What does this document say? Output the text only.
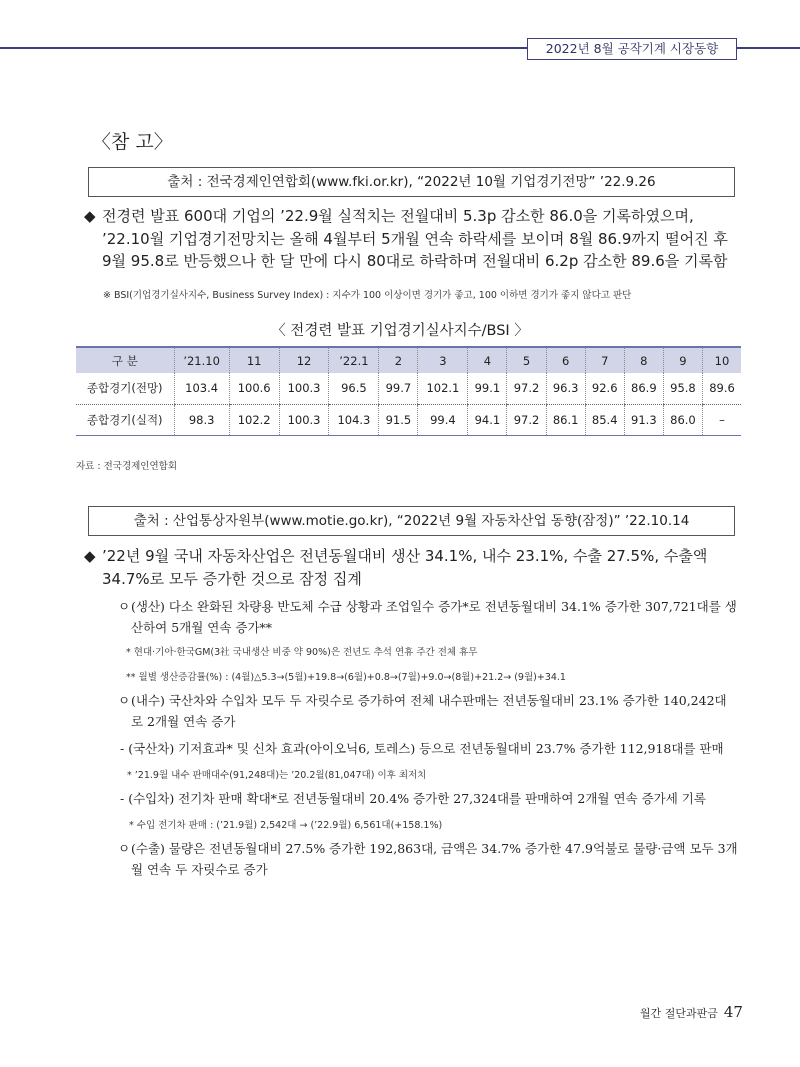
2022년 8월 공작기계 시장동향
〈참 고〉
출처 : 전국경제인연합회(www.fki.or.kr), “2022년 10월 기업경기전망” ’22.9.26
◆ 전경련 발표 600대 기업의 ’22.9월 실적치는 전월대비 5.3p 감소한 86.0을 기록하였으며, ’22.10월 기업경기전망치는 올해 4월부터 5개월 연속 하락세를 보이며 8월 86.9까지 떨어진 후 9월 95.8로 반등했으나 한 달 만에 다시 80대로 하락하며 전월대비 6.2p 감소한 89.6을 기록함
※ BSI(기업경기실사지수, Business Survey Index) : 지수가 100 이상이면 경기가 좋고, 100 이하면 경기가 좋지 않다고 판단
〈 전경련 발표 기업경기실사지수/BSI 〉
구 분	’21.10	11	12	’22.1	2	3	4	5	6	7	8	9	10
종합경기(전망)	103.4	100.6	100.3	96.5	99.7	102.1	99.1	97.2	96.3	92.6	86.9	95.8	89.6
종합경기(실적)	98.3	102.2	100.3	104.3	91.5	99.4	94.1	97.2	86.1	85.4	91.3	86.0	–
자료 : 전국경제인연합회
출처 : 산업통상자원부(www.motie.go.kr), “2022년 9월 자동차산업 동향(잠정)” ’22.10.14
◆ ’22년 9월 국내 자동차산업은 전년동월대비 생산 34.1%, 내수 23.1%, 수출 27.5%, 수출액 34.7%로 모두 증가한 것으로 잠정 집계
ㅇ (생산) 다소 완화된 차량용 반도체 수급 상황과 조업일수 증가*로 전년동월대비 34.1% 증가한 307,721대를 생산하여 5개월 연속 증가**
* 현대·기아·한국GM(3社 국내생산 비중 약 90%)은 전년도 추석 연휴 주간 전체 휴무
** 월별 생산증감률(%) : (4월)△5.3→(5월)+19.8→(6월)+0.8→(7월)+9.0→(8월)+21.2→ (9월)+34.1
ㅇ (내수) 국산차와 수입차 모두 두 자릿수로 증가하여 전체 내수판매는 전년동월대비 23.1% 증가한 140,242대로 2개월 연속 증가
- (국산차) 기저효과* 및 신차 효과(아이오닉6, 토레스) 등으로 전년동월대비 23.7% 증가한 112,918대를 판매
* ’21.9월 내수 판매대수(91,248대)는 ’20.2월(81,047대) 이후 최저치
- (수입차) 전기차 판매 확대*로 전년동월대비 20.4% 증가한 27,324대를 판매하여 2개월 연속 증가세 기록
* 수입 전기차 판매 : (’21.9월) 2,542대 → (’22.9월) 6,561대(+158.1%)
ㅇ (수출) 물량은 전년동월대비 27.5% 증가한 192,863대, 금액은 34.7% 증가한 47.9억불로 물량·금액 모두 3개월 연속 두 자릿수로 증가
월간 절단과판금 47
